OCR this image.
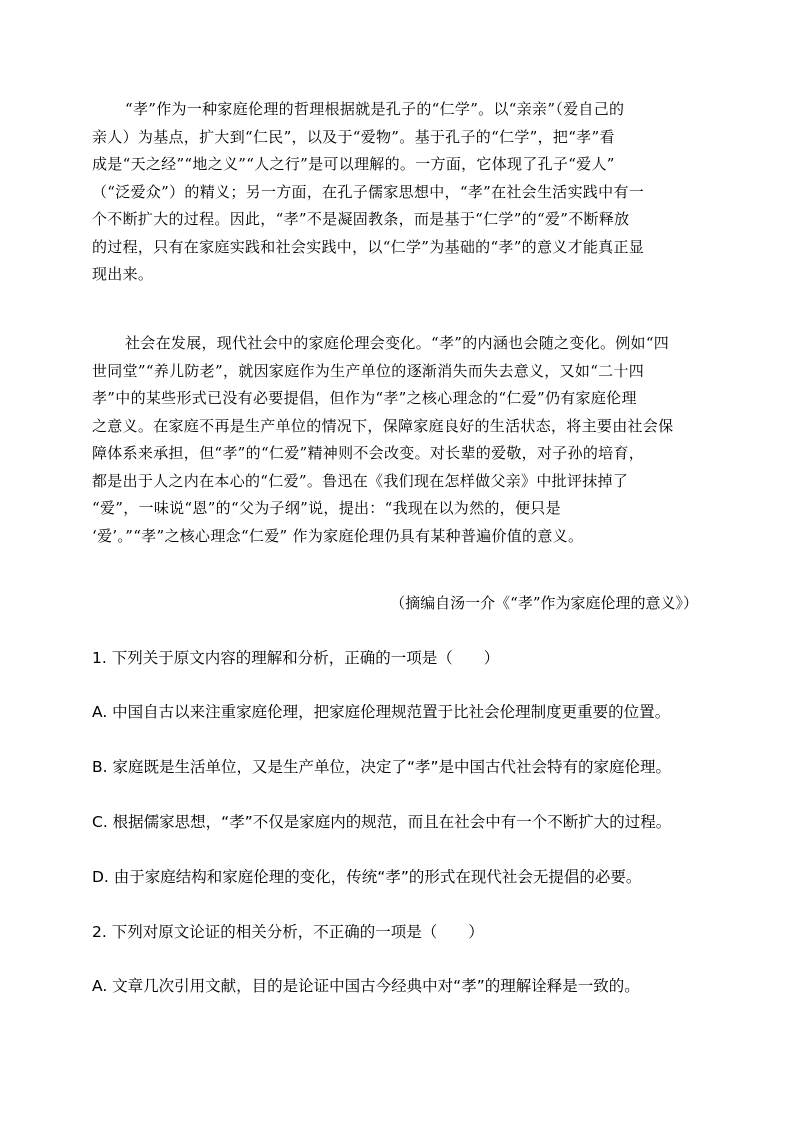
“孝”作为一种家庭伦理的哲理根据就是孔子的“仁学”。以“亲亲”（爱自己的
亲人）为基点，扩大到“仁民”，以及于“爱物”。基于孔子的“仁学”，把“孝”看
成是“天之经”“地之义”“人之行”是可以理解的。一方面，它体现了孔子“爱人”
（“泛爱众”）的精义；另一方面，在孔子儒家思想中，“孝”在社会生活实践中有一
个不断扩大的过程。因此，“孝”不是凝固教条，而是基于“仁学”的“爱”不断释放
的过程，只有在家庭实践和社会实践中，以“仁学”为基础的“孝”的意义才能真正显
现出来。
社会在发展，现代社会中的家庭伦理会变化。“孝”的内涵也会随之变化。例如“四
世同堂”“养儿防老”，就因家庭作为生产单位的逐渐消失而失去意义，又如“二十四
孝”中的某些形式已没有必要提倡，但作为“孝”之核心理念的“仁爱”仍有家庭伦理
之意义。在家庭不再是生产单位的情况下，保障家庭良好的生活状态，将主要由社会保
障体系来承担，但“孝”的“仁爱”精神则不会改变。对长辈的爱敬，对子孙的培育，
都是出于人之内在本心的“仁爱”。鲁迅在《我们现在怎样做父亲》中批评抹掉了
“爱”，一味说“恩”的“父为子纲”说，提出：“我现在以为然的，便只是
‘爱’。”“孝”之核心理念“仁爱” 作为家庭伦理仍具有某种普遍价值的意义。
（摘编自汤一介《“孝”作为家庭伦理的意义》）
1. 下列关于原文内容的理解和分析，正确的一项是（　　）
A. 中国自古以来注重家庭伦理，把家庭伦理规范置于比社会伦理制度更重要的位置。
B. 家庭既是生活单位，又是生产单位，决定了“孝”是中国古代社会特有的家庭伦理。
C. 根据儒家思想，“孝”不仅是家庭内的规范，而且在社会中有一个不断扩大的过程。
D. 由于家庭结构和家庭伦理的变化，传统“孝”的形式在现代社会无提倡的必要。
2. 下列对原文论证的相关分析，不正确的一项是（　　）
A. 文章几次引用文献，目的是论证中国古今经典中对“孝”的理解诠释是一致的。
